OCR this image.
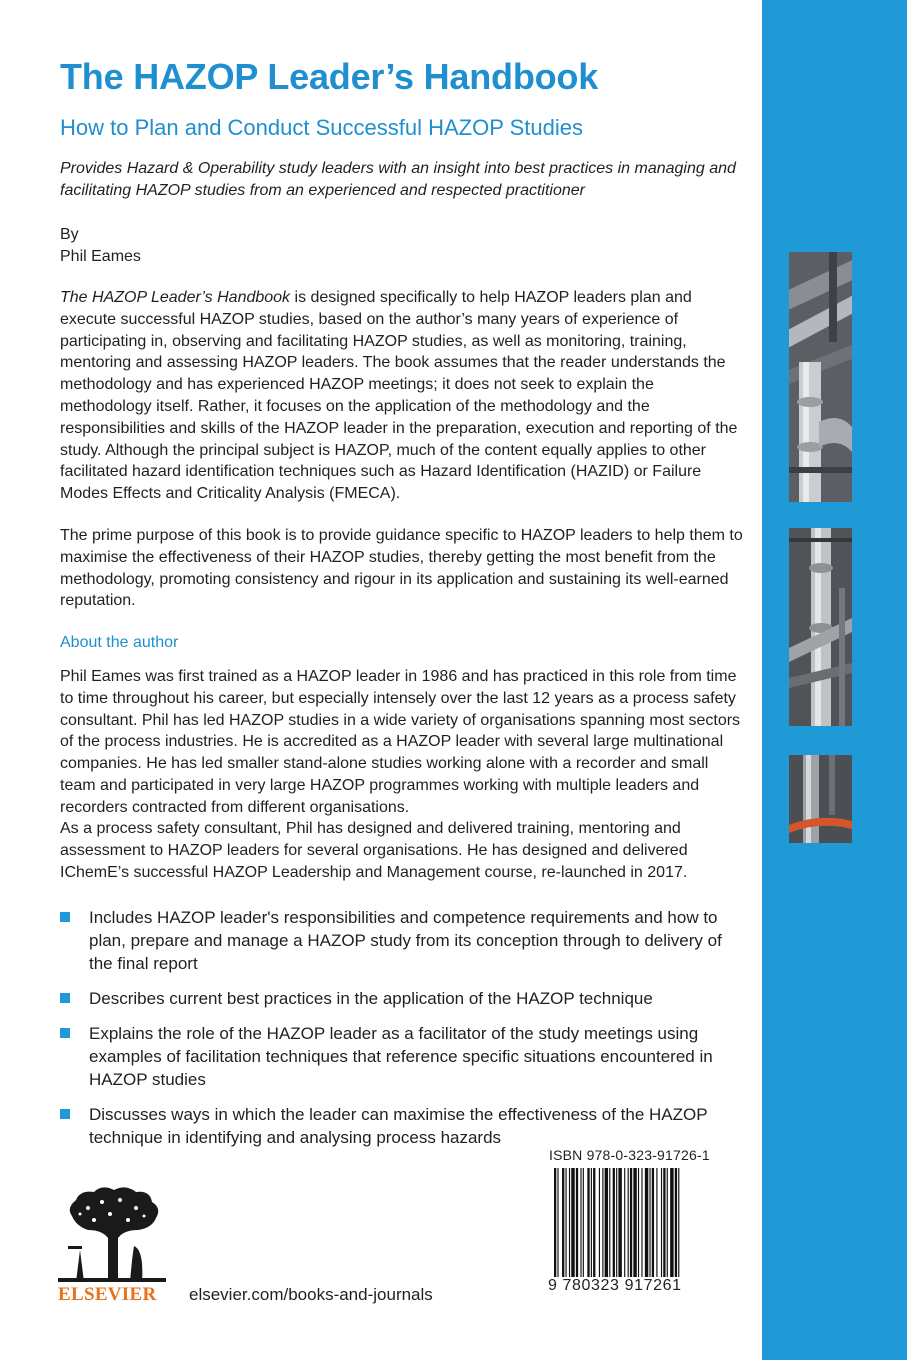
The HAZOP Leader’s Handbook
How to Plan and Conduct Successful HAZOP Studies
Provides Hazard & Operability study leaders with an insight into best practices in managing and facilitating HAZOP studies from an experienced and respected practitioner
By
Phil Eames

The HAZOP Leader’s Handbook is designed specifically to help HAZOP leaders plan and execute successful HAZOP studies, based on the author’s many years of experience of participating in, observing and facilitating HAZOP studies, as well as monitoring, training, mentoring and assessing HAZOP leaders. The book assumes that the reader understands the methodology and has experienced HAZOP meetings; it does not seek to explain the methodology itself. Rather, it focuses on the application of the methodology and the responsibilities and skills of the HAZOP leader in the preparation, execution and reporting of the study. Although the principal subject is HAZOP, much of the content equally applies to other facilitated hazard identification techniques such as Hazard Identification (HAZID) or Failure Modes Effects and Criticality Analysis (FMECA).

The prime purpose of this book is to provide guidance specific to HAZOP leaders to help them to maximise the effectiveness of their HAZOP studies, thereby getting the most benefit from the methodology, promoting consistency and rigour in its application and sustaining its well-earned reputation.

About the author

Phil Eames was first trained as a HAZOP leader in 1986 and has practiced in this role from time to time throughout his career, but especially intensely over the last 12 years as a process safety consultant. Phil has led HAZOP studies in a wide variety of organisations spanning most sectors of the process industries. He is accredited as a HAZOP leader with several large multinational companies. He has led smaller stand-alone studies working alone with a recorder and small team and participated in very large HAZOP programmes working with multiple leaders and recorders contracted from different organisations.

As a process safety consultant, Phil has designed and delivered training, mentoring and assessment to HAZOP leaders for several organisations. He has designed and delivered IChemE’s successful HAZOP Leadership and Management course, re-launched in 2017.

Includes HAZOP leader's responsibilities and competence requirements and how to plan, prepare and manage a HAZOP study from its conception through to delivery of the final report
Describes current best practices in the application of the HAZOP technique
Explains the role of the HAZOP leader as a facilitator of the study meetings using examples of facilitation techniques that reference specific situations encountered in HAZOP studies
Discusses ways in which the leader can maximise the effectiveness of the HAZOP technique in identifying and analysing process hazards
ELSEVIER elsevier.com/books-and-journals
ISBN 978-0-323-91726-1
9 780323 917261
